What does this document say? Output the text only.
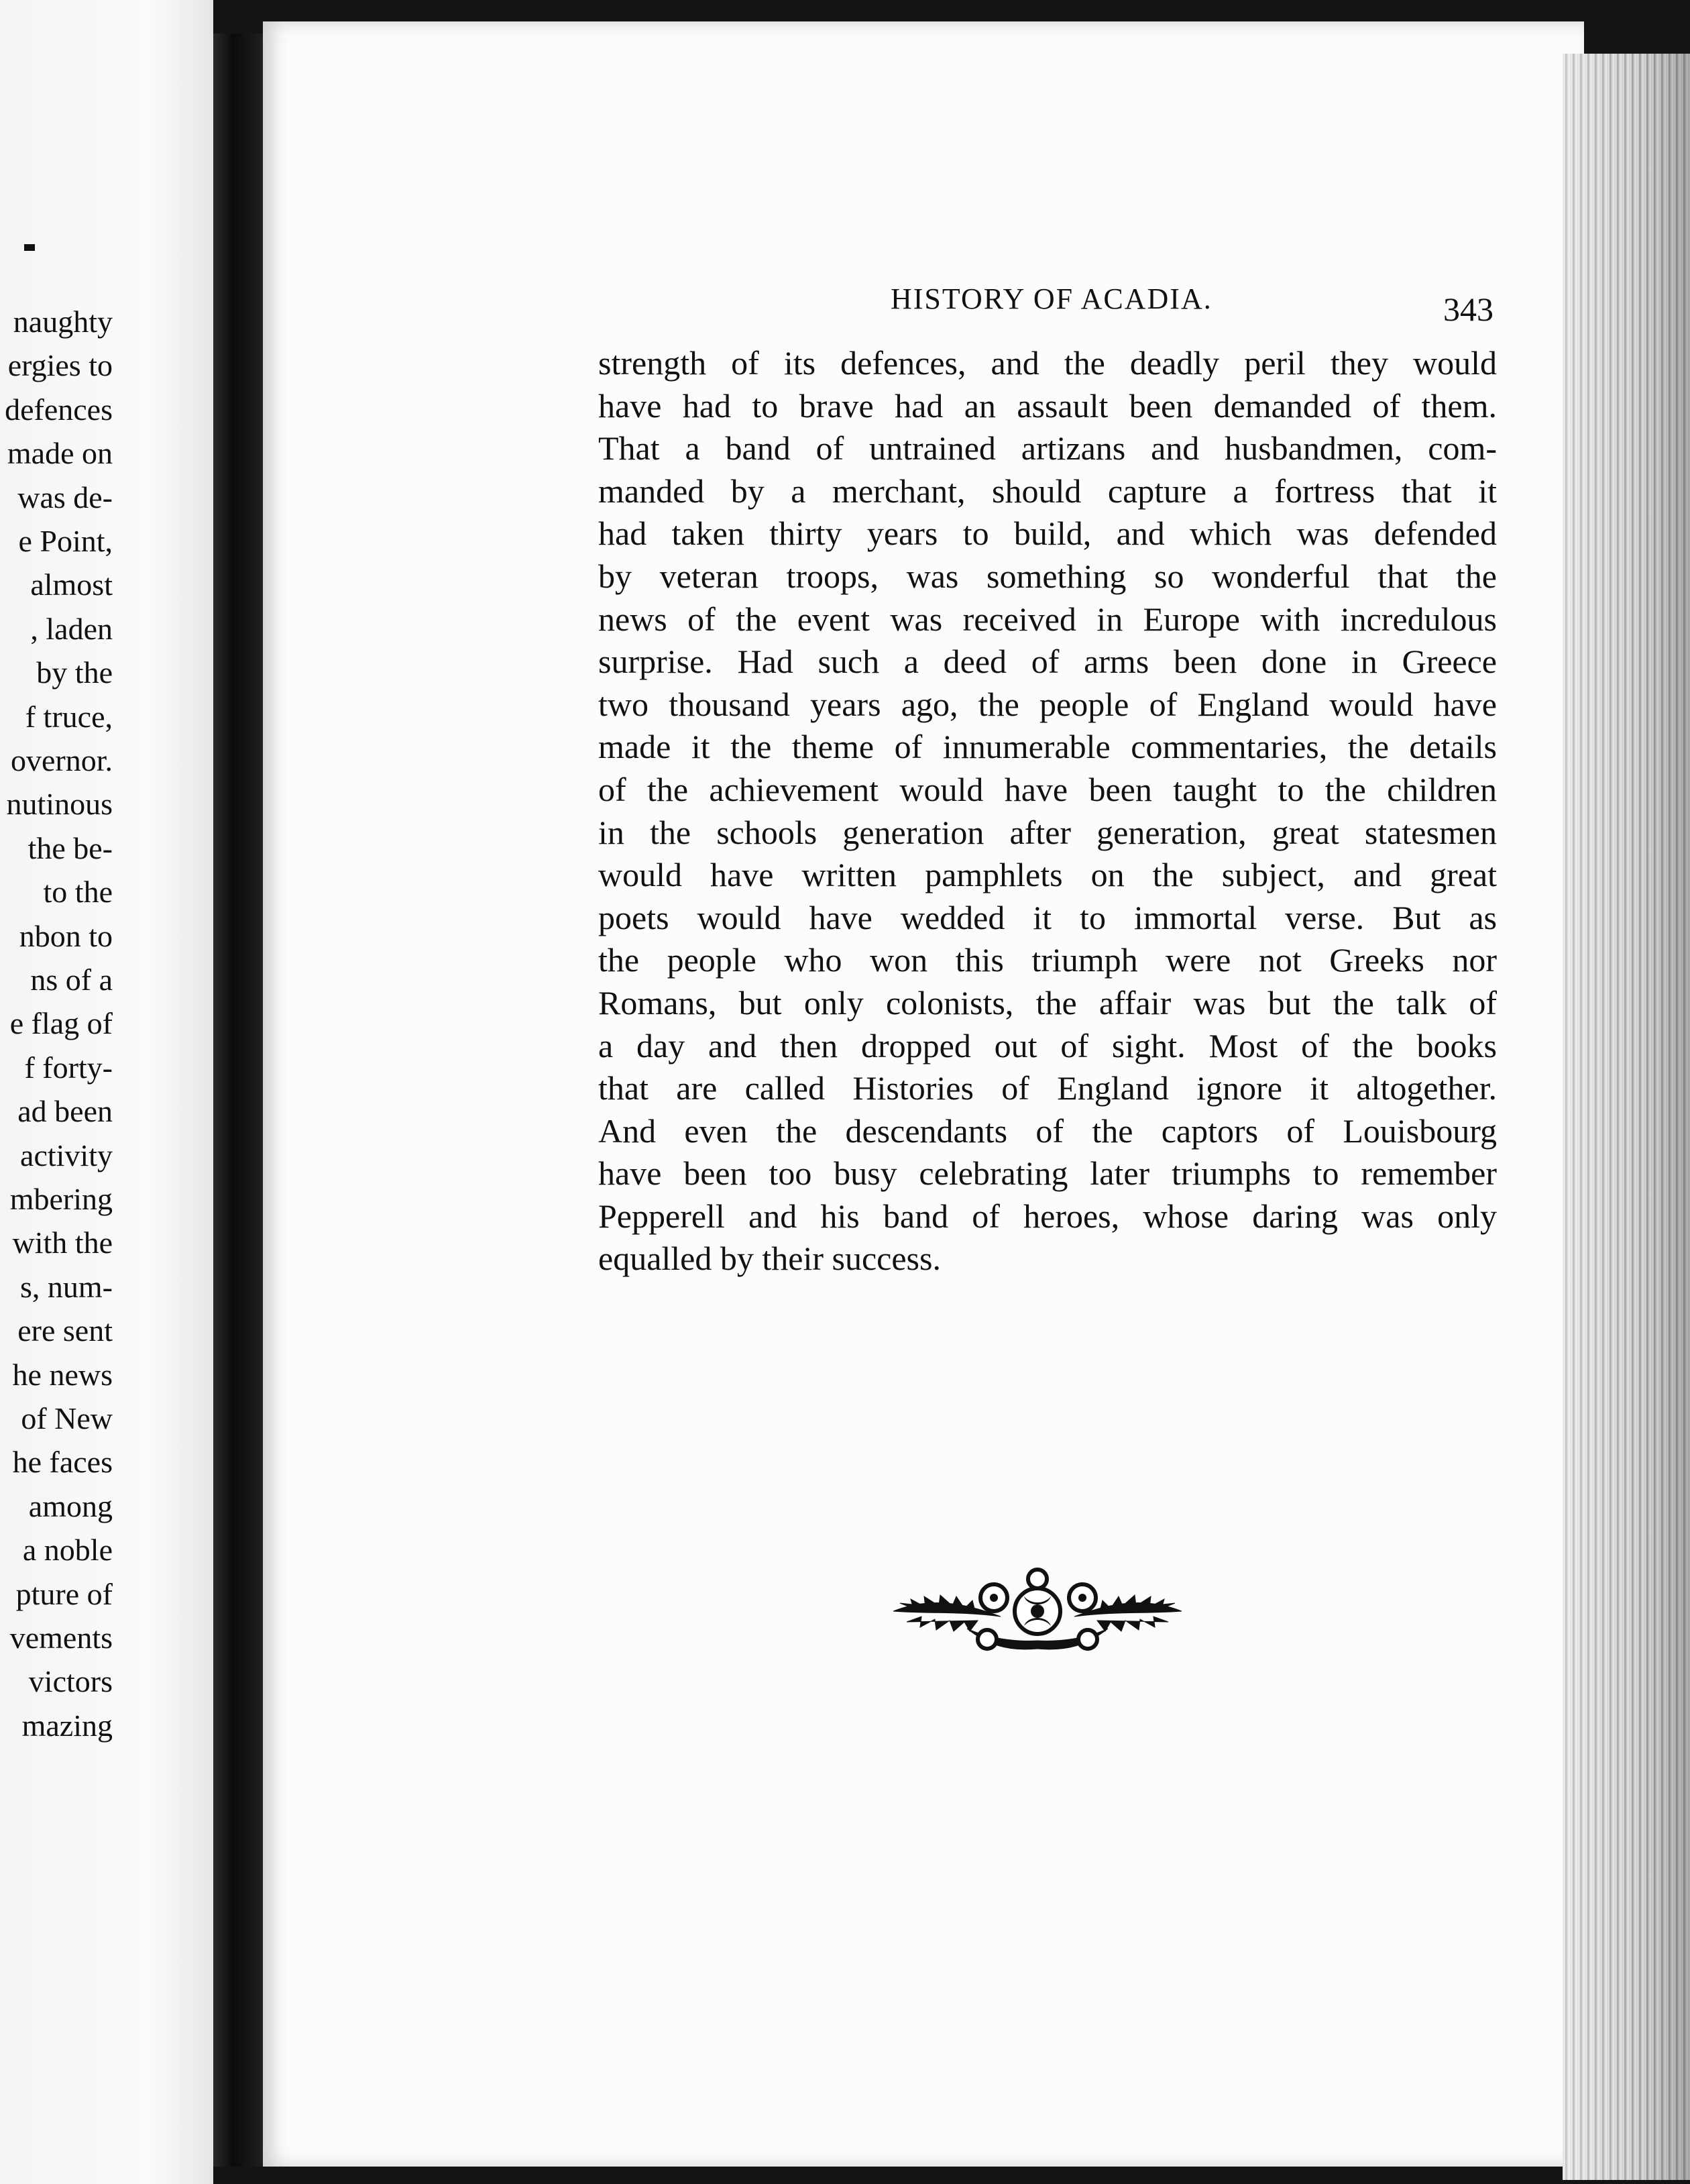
naughty
ergies to
defences
made on
was de-
e Point,
almost
, laden
by the
f truce,
overnor.
nutinous
the be-
to the
nbon to
ns of a
e flag of
f forty-
ad been
activity
mbering
with the
s, num-
ere sent
he news
of New
he faces
among
a noble
pture of
vements
victors
mazing
HISTORY OF ACADIA.	343
strength of its defences, and the deadly peril they would
have had to brave had an assault been demanded of them.
That a band of untrained artizans and husbandmen, com-
manded by a merchant, should capture a fortress that it
had taken thirty years to build, and which was defended
by veteran troops, was something so wonderful that the
news of the event was received in Europe with incredulous
surprise. Had such a deed of arms been done in Greece
two thousand years ago, the people of England would have
made it the theme of innumerable commentaries, the details
of the achievement would have been taught to the children
in the schools generation after generation, great statesmen
would have written pamphlets on the subject, and great
poets would have wedded it to immortal verse. But as
the people who won this triumph were not Greeks nor
Romans, but only colonists, the affair was but the talk of
a day and then dropped out of sight. Most of the books
that are called Histories of England ignore it altogether.
And even the descendants of the captors of Louisbourg
have been too busy celebrating later triumphs to remember
Pepperell and his band of heroes, whose daring was only
equalled by their success.
